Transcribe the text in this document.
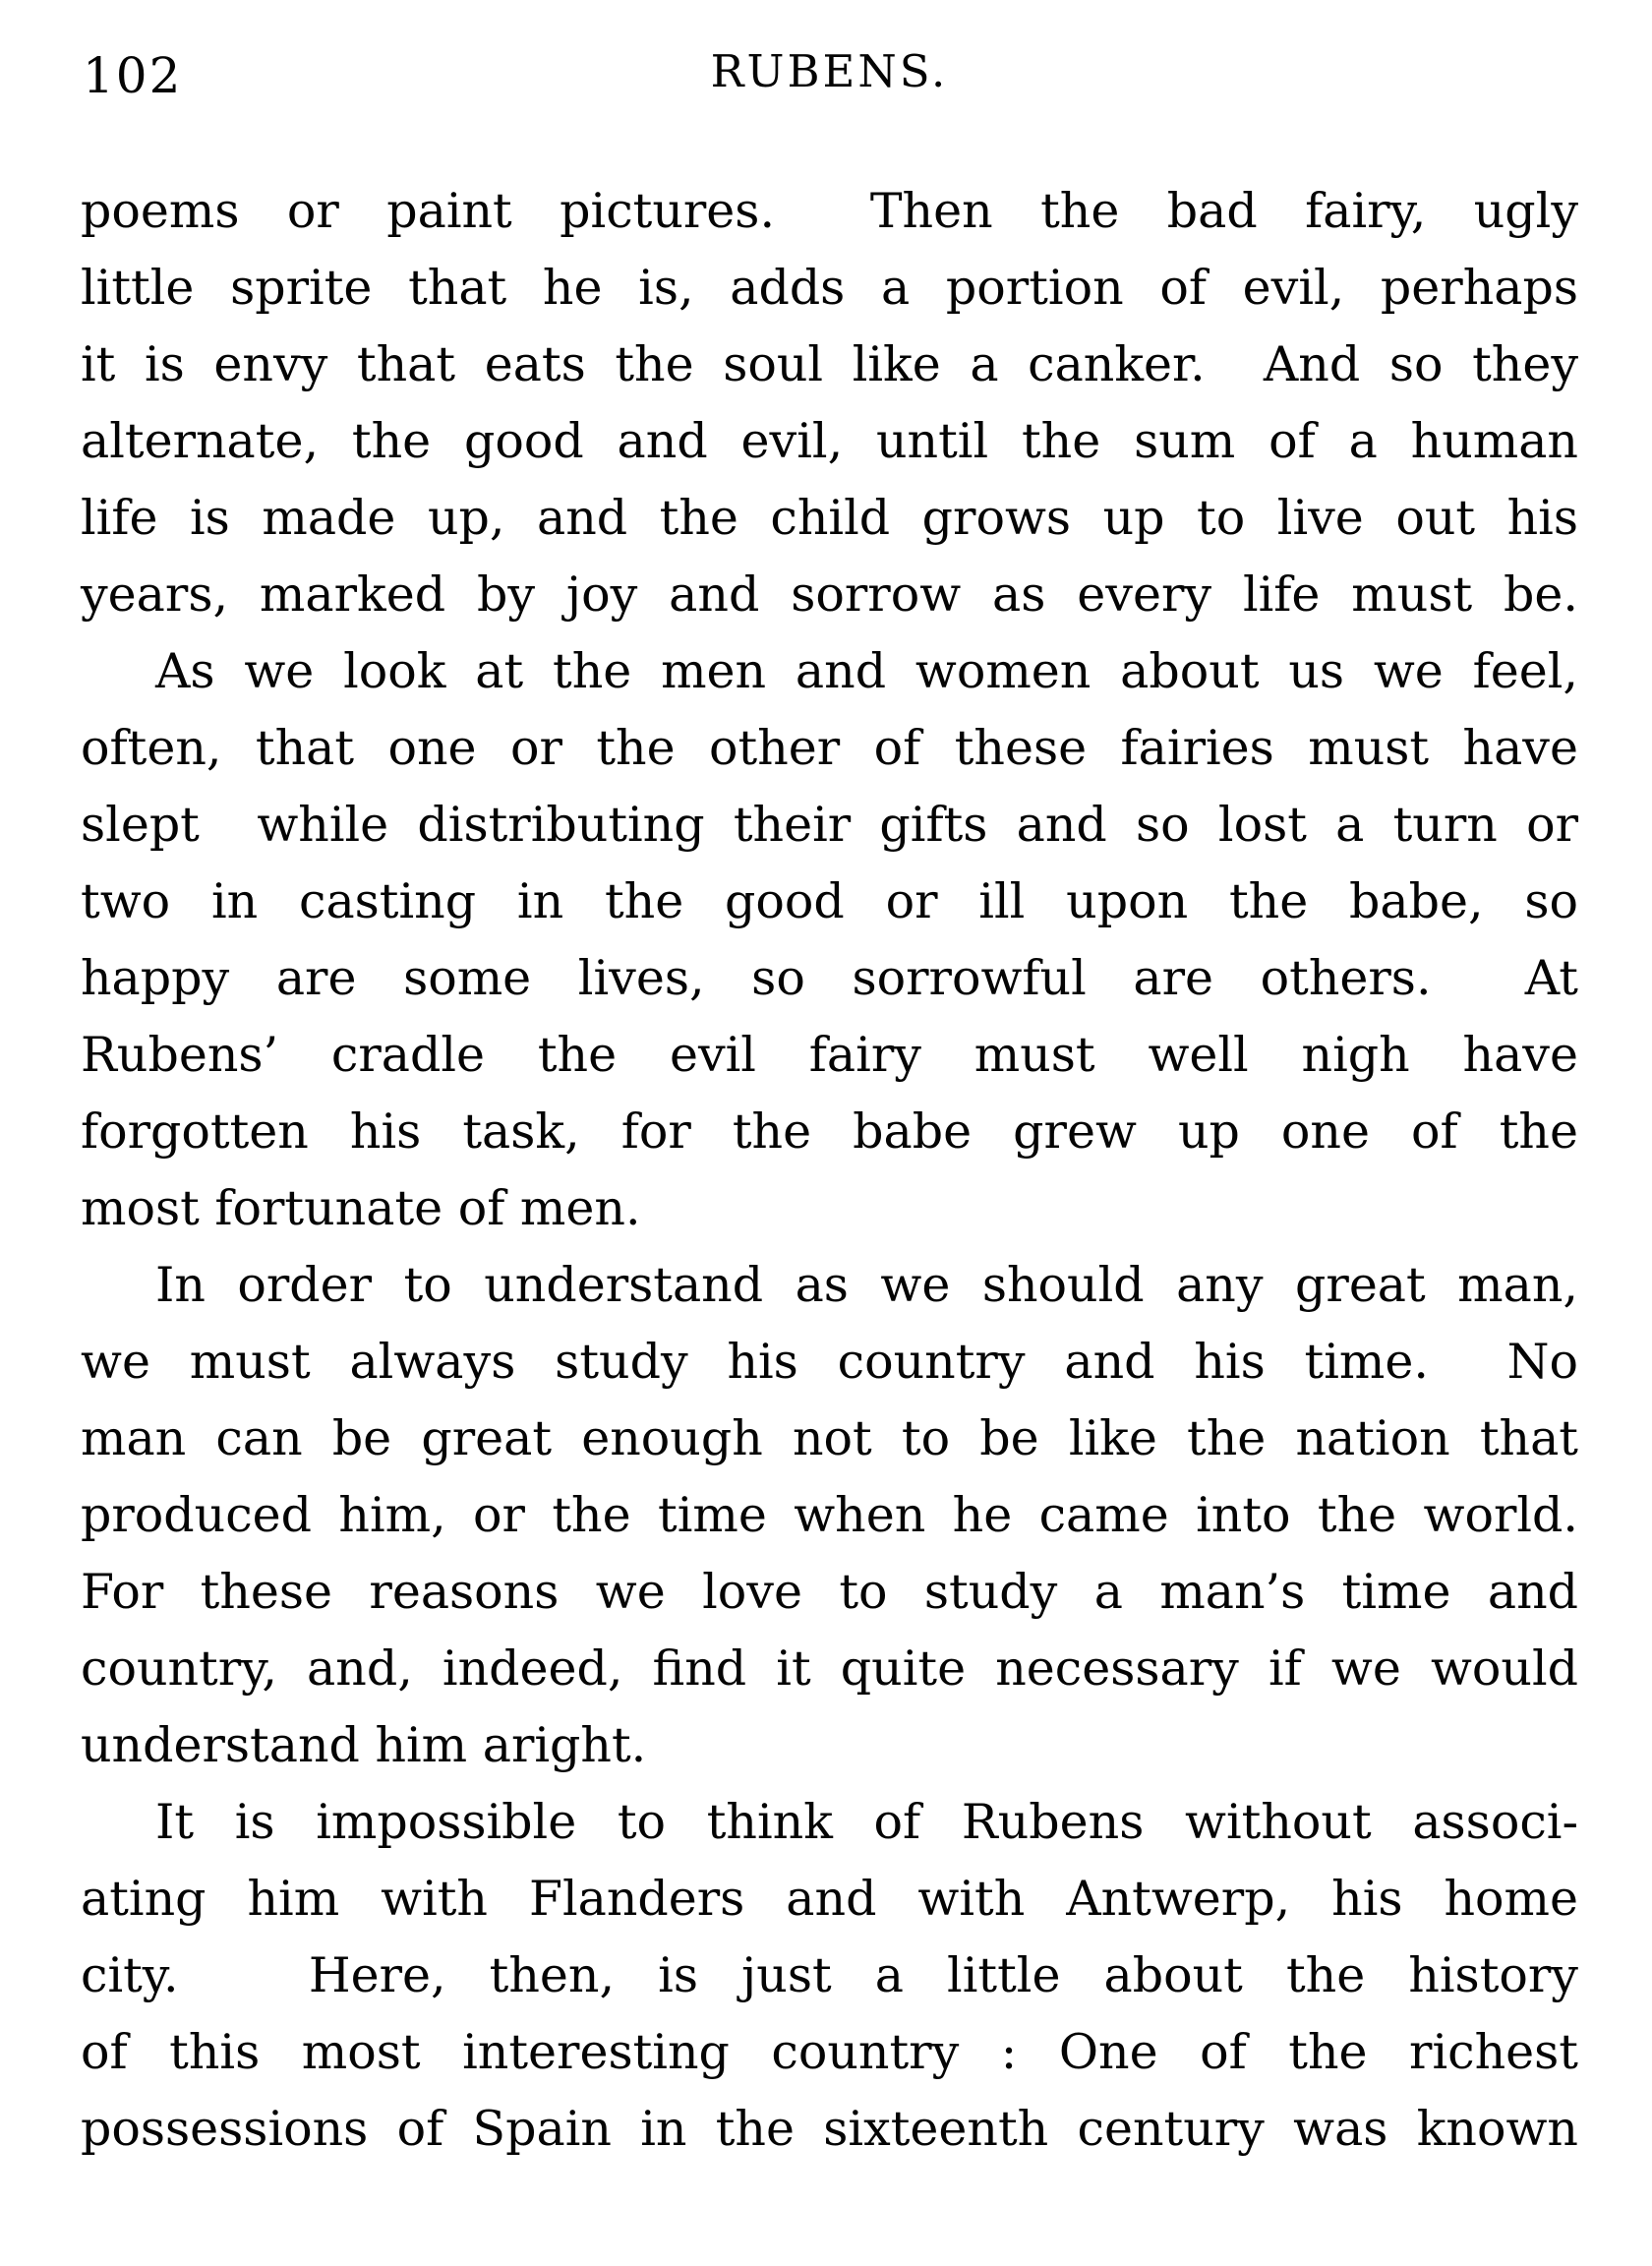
102	RUBENS.
poems or paint pictures.  Then the bad fairy, ugly
little sprite that he is, adds a portion of evil, perhaps
it is envy that eats the soul like a canker.  And so they
alternate, the good and evil, until the sum of a human
life is made up, and the child grows up to live out his
years, marked by joy and sorrow as every life must be.
As we look at the men and women about us we feel,
often, that one or the other of these fairies must have
slept  while distributing their gifts and so lost a turn or
two in casting in the good or ill upon the babe, so
happy are some lives, so sorrowful are others.  At
Rubens’ cradle the evil fairy must well nigh have
forgotten his task, for the babe grew up one of the
most fortunate of men.
In order to understand as we should any great man,
we must always study his country and his time.  No
man can be great enough not to be like the nation that
produced him, or the time when he came into the world.
For these reasons we love to study a man’s time and
country, and, indeed, find it quite necessary if we would
understand him aright.
It is impossible to think of Rubens without associ-
ating him with Flanders and with Antwerp, his home
city.   Here, then, is just a little about the history
of this most interesting country : One of the richest
possessions of Spain in the sixteenth century was known
